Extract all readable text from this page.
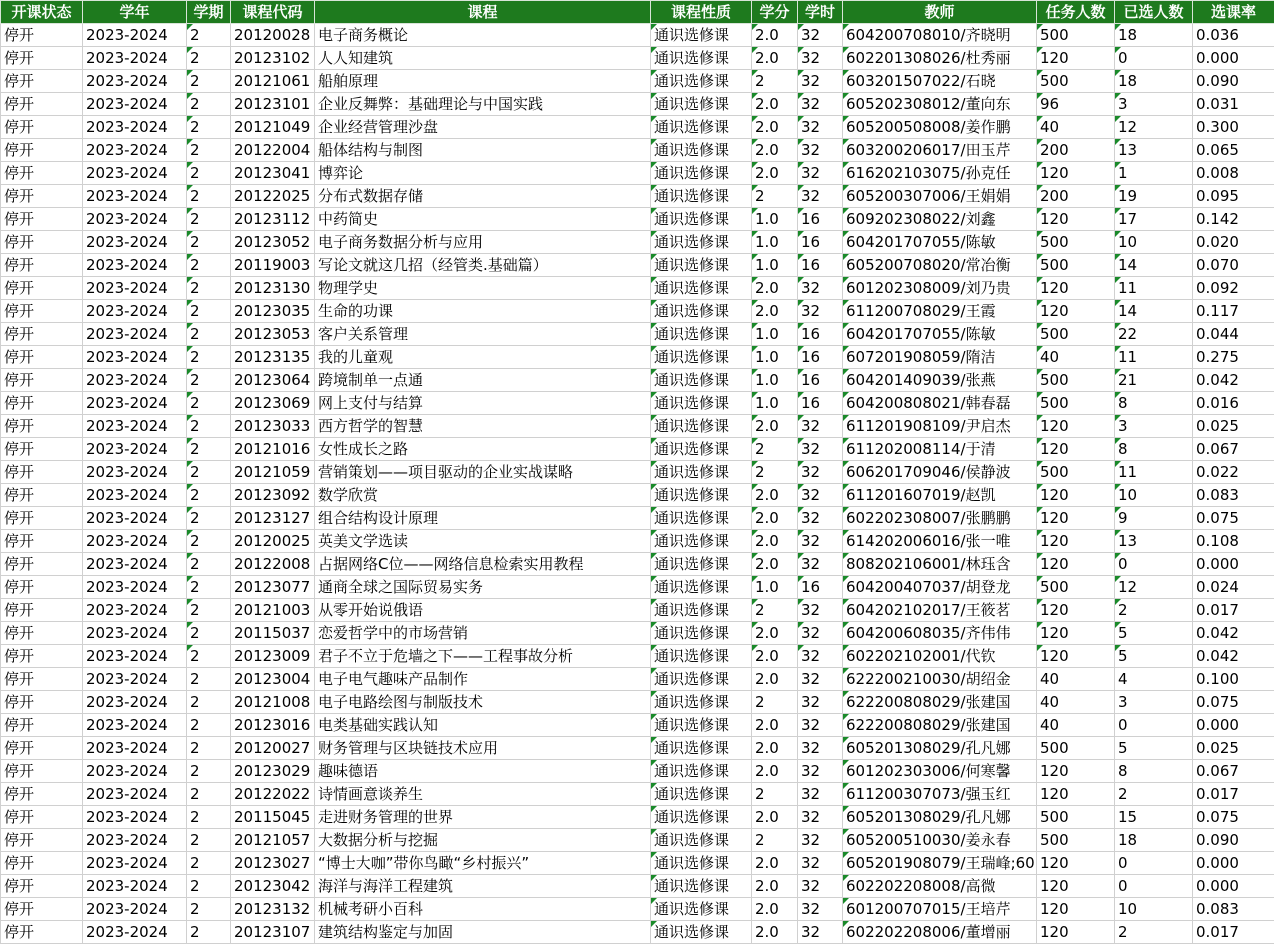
开课状态	学年	学期	课程代码	课程	课程性质	学分	学时	教师	任务人数	已选人数	选课率
停开	2023-2024	2	20120028	电子商务概论	通识选修课	2.0	32	604200708010/齐晓明	500	18	0.036
停开	2023-2024	2	20123102	人人知建筑	通识选修课	2.0	32	602201308026/杜秀丽	120	0	0.000
停开	2023-2024	2	20121061	船舶原理	通识选修课	2	32	603201507022/石晓	500	18	0.090
停开	2023-2024	2	20123101	企业反舞弊：基础理论与中国实践	通识选修课	2.0	32	605202308012/董向东	96	3	0.031
停开	2023-2024	2	20121049	企业经营管理沙盘	通识选修课	2.0	32	605200508008/姜作鹏	40	12	0.300
停开	2023-2024	2	20122004	船体结构与制图	通识选修课	2.0	32	603200206017/田玉芹	200	13	0.065
停开	2023-2024	2	20123041	博弈论	通识选修课	2.0	32	616202103075/孙克任	120	1	0.008
停开	2023-2024	2	20122025	分布式数据存储	通识选修课	2	32	605200307006/王娟娟	200	19	0.095
停开	2023-2024	2	20123112	中药简史	通识选修课	1.0	16	609202308022/刘鑫	120	17	0.142
停开	2023-2024	2	20123052	电子商务数据分析与应用	通识选修课	1.0	16	604201707055/陈敏	500	10	0.020
停开	2023-2024	2	20119003	写论文就这几招（经管类.基础篇）	通识选修课	1.0	16	605200708020/常冶衡	500	14	0.070
停开	2023-2024	2	20123130	物理学史	通识选修课	2.0	32	601202308009/刘乃贵	120	11	0.092
停开	2023-2024	2	20123035	生命的功课	通识选修课	2.0	32	611200708029/王霞	120	14	0.117
停开	2023-2024	2	20123053	客户关系管理	通识选修课	1.0	16	604201707055/陈敏	500	22	0.044
停开	2023-2024	2	20123135	我的儿童观	通识选修课	1.0	16	607201908059/隋洁	40	11	0.275
停开	2023-2024	2	20123064	跨境制单一点通	通识选修课	1.0	16	604201409039/张燕	500	21	0.042
停开	2023-2024	2	20123069	网上支付与结算	通识选修课	1.0	16	604200808021/韩春磊	500	8	0.016
停开	2023-2024	2	20123033	西方哲学的智慧	通识选修课	2.0	32	611201908109/尹启杰	120	3	0.025
停开	2023-2024	2	20121016	女性成长之路	通识选修课	2	32	611202008114/于清	120	8	0.067
停开	2023-2024	2	20121059	营销策划——项目驱动的企业实战谋略	通识选修课	2	32	606201709046/侯静波	500	11	0.022
停开	2023-2024	2	20123092	数学欣赏	通识选修课	2.0	32	611201607019/赵凯	120	10	0.083
停开	2023-2024	2	20123127	组合结构设计原理	通识选修课	2.0	32	602202308007/张鹏鹏	120	9	0.075
停开	2023-2024	2	20120025	英美文学选读	通识选修课	2.0	32	614202006016/张一唯	120	13	0.108
停开	2023-2024	2	20122008	占据网络C位——网络信息检索实用教程	通识选修课	2.0	32	808202106001/林珏含	120	0	0.000
停开	2023-2024	2	20123077	通商全球之国际贸易实务	通识选修课	1.0	16	604200407037/胡登龙	500	12	0.024
停开	2023-2024	2	20121003	从零开始说俄语	通识选修课	2	32	604202102017/王筱茗	120	2	0.017
停开	2023-2024	2	20115037	恋爱哲学中的市场营销	通识选修课	2.0	32	604200608035/齐伟伟	120	5	0.042
停开	2023-2024	2	20123009	君子不立于危墙之下——工程事故分析	通识选修课	2.0	32	602202102001/代钦	120	5	0.042
停开	2023-2024	2	20123004	电子电气趣味产品制作	通识选修课	2.0	32	622200210030/胡绍金	40	4	0.100
停开	2023-2024	2	20121008	电子电路绘图与制版技术	通识选修课	2	32	622200808029/张建国	40	3	0.075
停开	2023-2024	2	20123016	电类基础实践认知	通识选修课	2.0	32	622200808029/张建国	40	0	0.000
停开	2023-2024	2	20120027	财务管理与区块链技术应用	通识选修课	2.0	32	605201308029/孔凡娜	500	5	0.025
停开	2023-2024	2	20123029	趣味德语	通识选修课	2.0	32	601202303006/何寒馨	120	8	0.067
停开	2023-2024	2	20122022	诗情画意谈养生	通识选修课	2	32	611200307073/强玉红	120	2	0.017
停开	2023-2024	2	20115045	走进财务管理的世界	通识选修课	2.0	32	605201308029/孔凡娜	500	15	0.075
停开	2023-2024	2	20121057	大数据分析与挖掘	通识选修课	2	32	605200510030/姜永春	500	18	0.090
停开	2023-2024	2	20123027	“博士大咖”带你鸟瞰“乡村振兴”	通识选修课	2.0	32	605201908079/王瑞峰;60	120	0	0.000
停开	2023-2024	2	20123042	海洋与海洋工程建筑	通识选修课	2.0	32	602202208008/高微	120	0	0.000
停开	2023-2024	2	20123132	机械考研小百科	通识选修课	2.0	32	601200707015/王培芹	120	10	0.083
停开	2023-2024	2	20123107	建筑结构鉴定与加固	通识选修课	2.0	32	602202208006/董增丽	120	2	0.017
